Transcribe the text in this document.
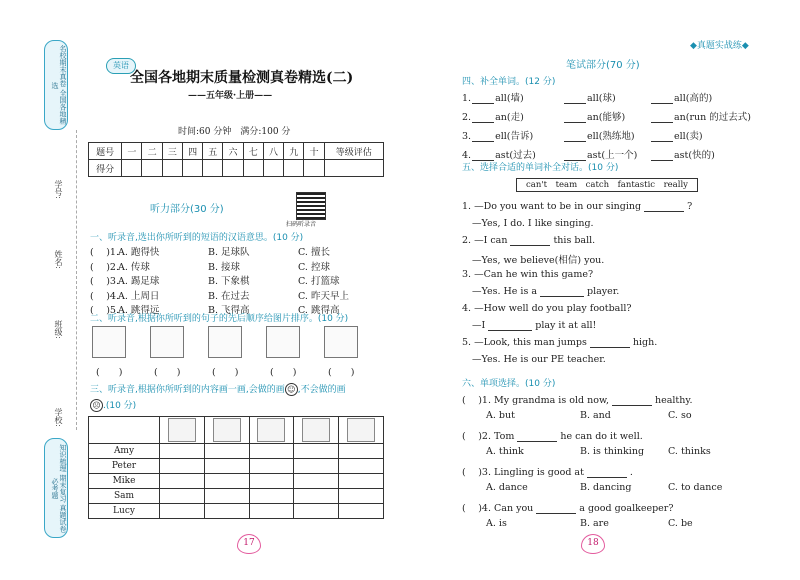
名校期末真卷 全国各地精选
学号:
姓名:
班级:
学校:
知识梳理 期末复习 真题试卷 必考题
英语
全国各地期末质量检测真卷精选(二)
——五年级·上册——
时间:60 分钟　满分:100 分
题号	一	二	三	四	五	六	七	八	九	十	等级评估
得分											
扫码听录音
听力部分(30 分)
一、听录音,选出你所听到的短语的汉语意思。(10 分)
( 　)1. A. 跑得快	B. 足球队	C. 擅长
( 　)2. A. 传球	B. 接球	C. 控球
( 　)3. A. 踢足球	B. 下象棋	C. 打篮球
( 　)4. A. 上周日	B. 在过去	C. 昨天早上
( 　)5. A. 跳得远	B. 飞得高	C. 跳得高
二、听录音,根据你所听到的句子的先后顺序给图片排序。(10 分)
(　　)	(　　)	(　　)	(　　)	(　　)
三、听录音,根据你所听到的内容画一画,会做的画 ☺ ,不会做的画
☹ .(10 分)

Amy					
Peter					
Mike					
Sam					
Lucy					
17
◆真题实战练◆
笔试部分(70 分)
四、补全单词。(12 分)
1.	all(墙)	all(球)	all(高的)
2.	an(走)	an(能够)	an(run 的过去式)
3.	ell(告诉)	ell(熟练地)	ell(卖)
4.	ast(过去)	ast(上一个)	ast(快的)
五、选择合适的单词补全对话。(10 分)
can't　team　catch　fantastic　really
1. —Do you want to be in our singing	?
—Yes, I do. I like singing.
2. —I can	this ball.
—Yes, we believe(相信) you.
3. —Can he win this game?
—Yes. He is a	player.
4. —How well do you play football?
—I	play it at all!
5. —Look, this man jumps	high.
—Yes. He is our PE teacher.
六、单项选择。(10 分)
( 　)1. My grandma is old now,	healthy.
A. but	B. and	C. so
( 　)2. Tom	he can do it well.
A. think	B. is thinking	C. thinks
( 　)3. Lingling is good at	.
A. dance	B. dancing	C. to dance
( 　)4. Can you	a good goalkeeper?
A. is	B. are	C. be
18
